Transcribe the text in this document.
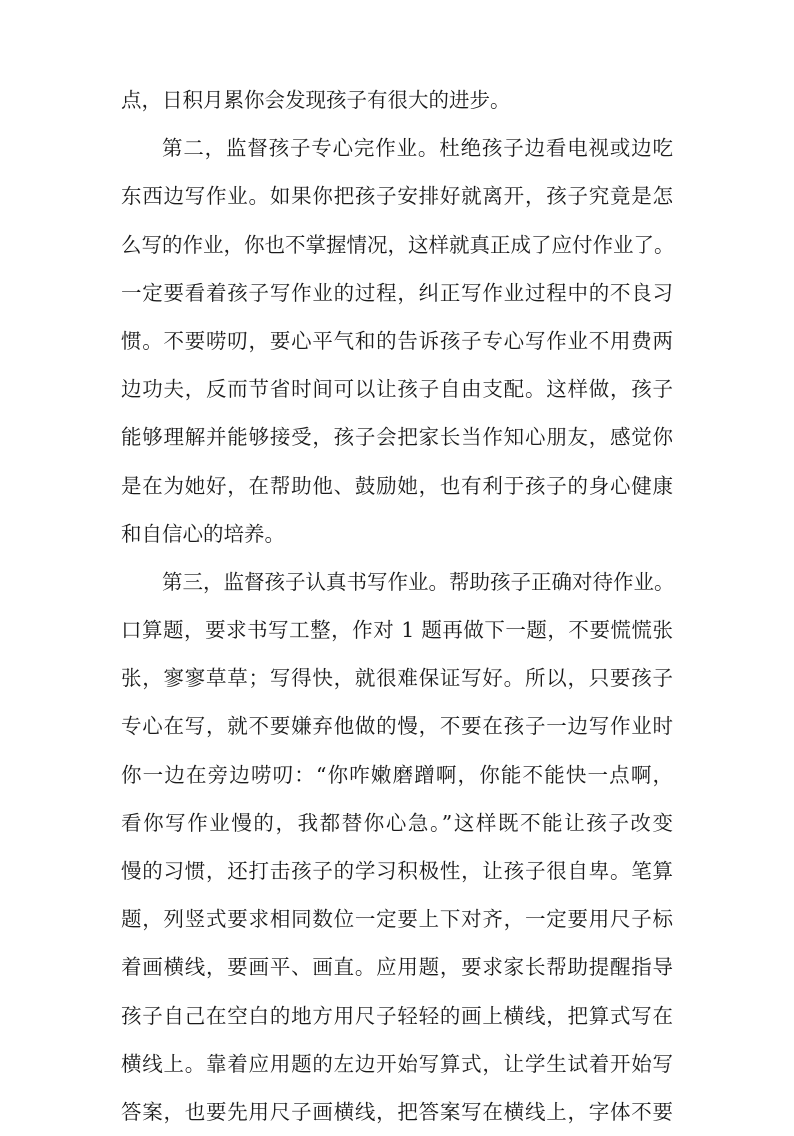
点，日积月累你会发现孩子有很大的进步。
第二，监督孩子专心完作业。杜绝孩子边看电视或边吃
东西边写作业。如果你把孩子安排好就离开，孩子究竟是怎
么写的作业，你也不掌握情况，这样就真正成了应付作业了。
一定要看着孩子写作业的过程，纠正写作业过程中的不良习
惯。不要唠叨，要心平气和的告诉孩子专心写作业不用费两
边功夫，反而节省时间可以让孩子自由支配。这样做，孩子
能够理解并能够接受，孩子会把家长当作知心朋友，感觉你
是在为她好，在帮助他、鼓励她，也有利于孩子的身心健康
和自信心的培养。
第三，监督孩子认真书写作业。帮助孩子正确对待作业。
口算题，要求书写工整，作对 1 题再做下一题，不要慌慌张
张，寥寥草草；写得快，就很难保证写好。所以，只要孩子
专心在写，就不要嫌弃他做的慢，不要在孩子一边写作业时
你一边在旁边唠叨：“你咋嫩磨蹭啊，你能不能快一点啊，
看你写作业慢的，我都替你心急。”这样既不能让孩子改变
慢的习惯，还打击孩子的学习积极性，让孩子很自卑。笔算
题，列竖式要求相同数位一定要上下对齐，一定要用尺子标
着画横线，要画平、画直。应用题，要求家长帮助提醒指导
孩子自己在空白的地方用尺子轻轻的画上横线，把算式写在
横线上。靠着应用题的左边开始写算式，让学生试着开始写
答案，也要先用尺子画横线，把答案写在横线上，字体不要
